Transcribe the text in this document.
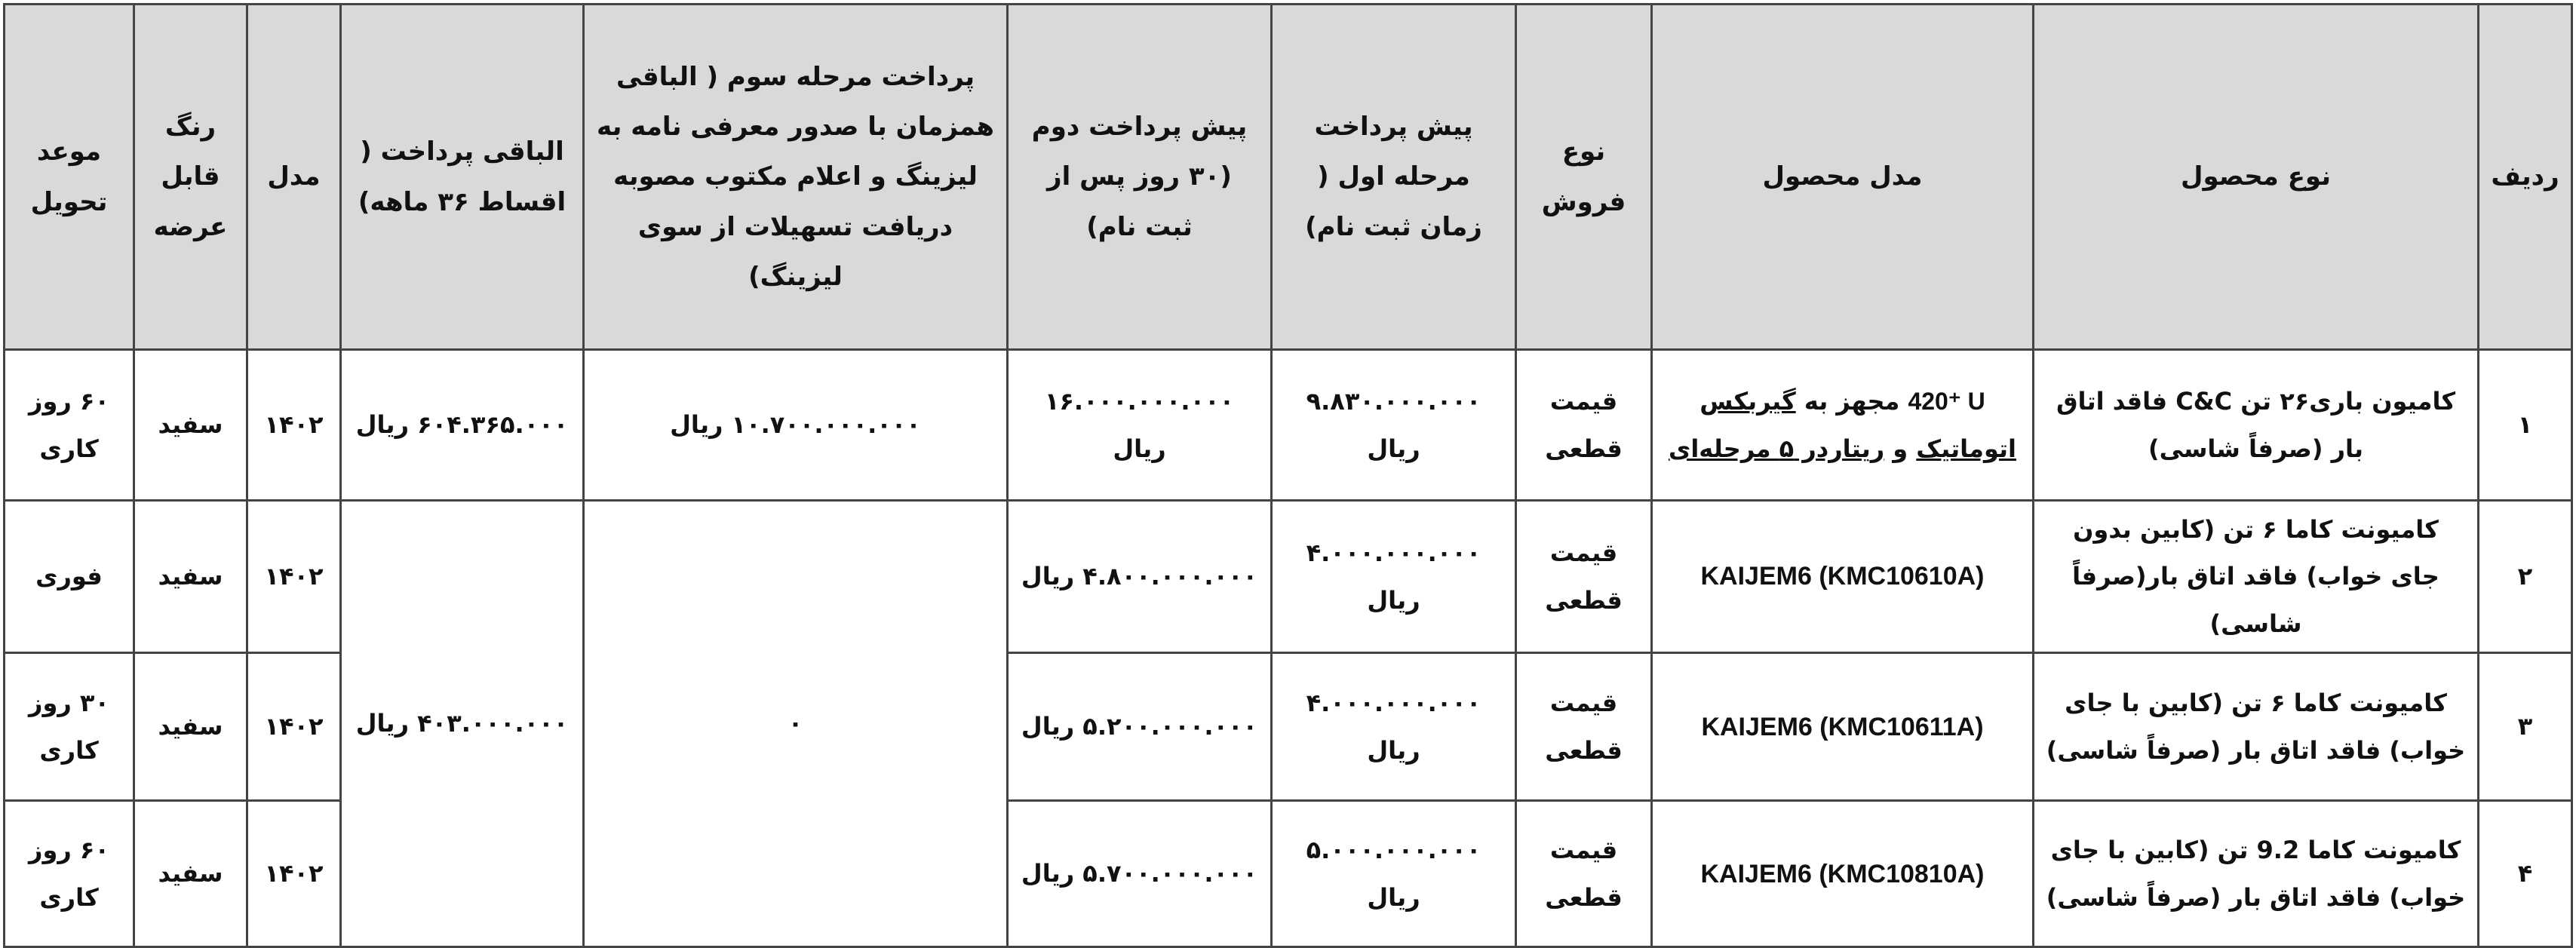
ردیف	نوع محصول	مدل محصول	نوع فروش	پیش پرداخت مرحله اول ( زمان ثبت نام)	پیش پرداخت دوم (۳۰ روز پس از ثبت نام)	پرداخت مرحله سوم ( الباقی همزمان با صدور معرفی نامه به لیزینگ و اعلام مکتوب مصوبه دریافت تسهیلات از سوی لیزینگ)	الباقی پرداخت ( اقساط ۳۶ ماهه)	مدل	رنگ قابل عرضه	موعد تحویل
۱	کامیون باری۲۶ تن C&C فاقد اتاق بار (صرفاً شاسی)	420⁺ U مجهز به گیربکس
اتوماتیک و ریتاردر ۵ مرحله‌ای	قیمت قطعی	۹.۸۳۰.۰۰۰.۰۰۰ ریال	۱۶.۰۰۰.۰۰۰.۰۰۰ ریال	۱۰.۷۰۰.۰۰۰.۰۰۰ ریال	۶۰۴.۳۶۵.۰۰۰ ریال	۱۴۰۲	سفید	۶۰ روز کاری
۲	کامیونت کاما ۶ تن (کابین بدون جای خواب) فاقد اتاق بار(صرفاً شاسی)	KAIJEM6 (KMC10610A)	قیمت قطعی	۴.۰۰۰.۰۰۰.۰۰۰ ریال	۴.۸۰۰.۰۰۰.۰۰۰ ریال	۰	۴۰۳.۰۰۰.۰۰۰ ریال	۱۴۰۲	سفید	فوری
۳	کامیونت کاما ۶ تن (کابین با جای خواب) فاقد اتاق بار (صرفاً شاسی)	KAIJEM6 (KMC10611A)	قیمت قطعی	۴.۰۰۰.۰۰۰.۰۰۰ ریال	۵.۲۰۰.۰۰۰.۰۰۰ ریال			۱۴۰۲	سفید	۳۰ روز کاری
۴	کامیونت کاما 9.2 تن (کابین با جای خواب) فاقد اتاق بار (صرفاً شاسی)	KAIJEM6 (KMC10810A)	قیمت قطعی	۵.۰۰۰.۰۰۰.۰۰۰ ریال	۵.۷۰۰.۰۰۰.۰۰۰ ریال			۱۴۰۲	سفید	۶۰ روز کاری
